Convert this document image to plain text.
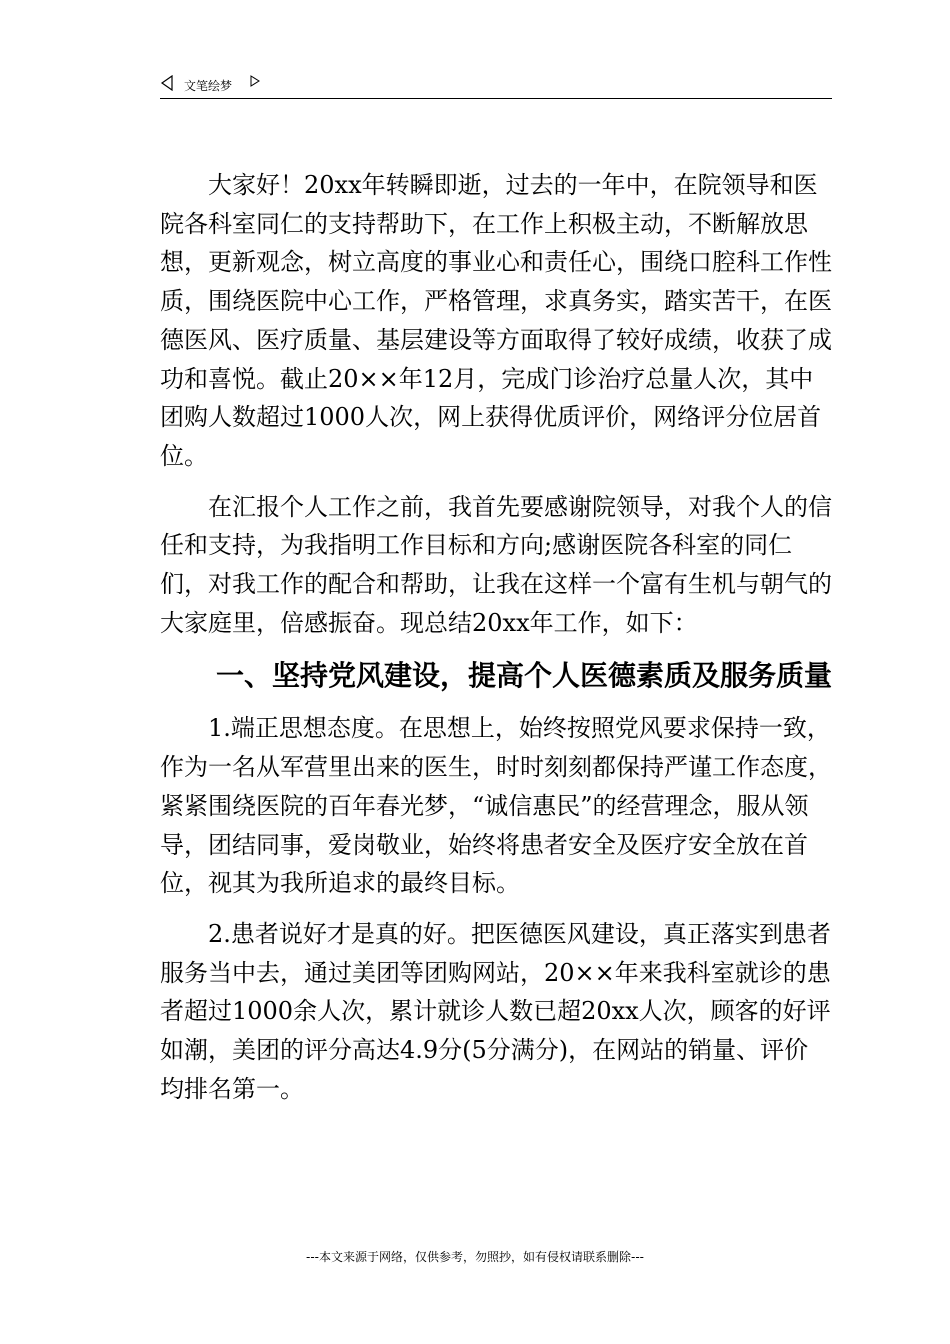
文笔绘梦

大家好！20xx年转瞬即逝，过去的一年中，在院领导和医院各科室同仁的支持帮助下，在工作上积极主动，不断解放思想，更新观念，树立高度的事业心和责任心，围绕口腔科工作性质，围绕医院中心工作，严格管理，求真务实，踏实苦干，在医德医风、医疗质量、基层建设等方面取得了较好成绩，收获了成功和喜悦。截止20××年12月，完成门诊治疗总量人次，其中团购人数超过1000人次，网上获得优质评价，网络评分位居首位。

在汇报个人工作之前，我首先要感谢院领导，对我个人的信任和支持，为我指明工作目标和方向;感谢医院各科室的同仁们，对我工作的配合和帮助，让我在这样一个富有生机与朝气的大家庭里，倍感振奋。现总结20xx年工作，如下：

一、坚持党风建设，提高个人医德素质及服务质量

1.端正思想态度。在思想上，始终按照党风要求保持一致，作为一名从军营里出来的医生，时时刻刻都保持严谨工作态度，紧紧围绕医院的百年春光梦，“诚信惠民”的经营理念，服从领导，团结同事，爱岗敬业，始终将患者安全及医疗安全放在首位，视其为我所追求的最终目标。

2.患者说好才是真的好。把医德医风建设，真正落实到患者服务当中去，通过美团等团购网站，20××年来我科室就诊的患者超过1000余人次，累计就诊人数已超20xx人次，顾客的好评如潮，美团的评分高达4.9分(5分满分)，在网站的销量、评价均排名第一。

---本文来源于网络，仅供参考，勿照抄，如有侵权请联系删除---
